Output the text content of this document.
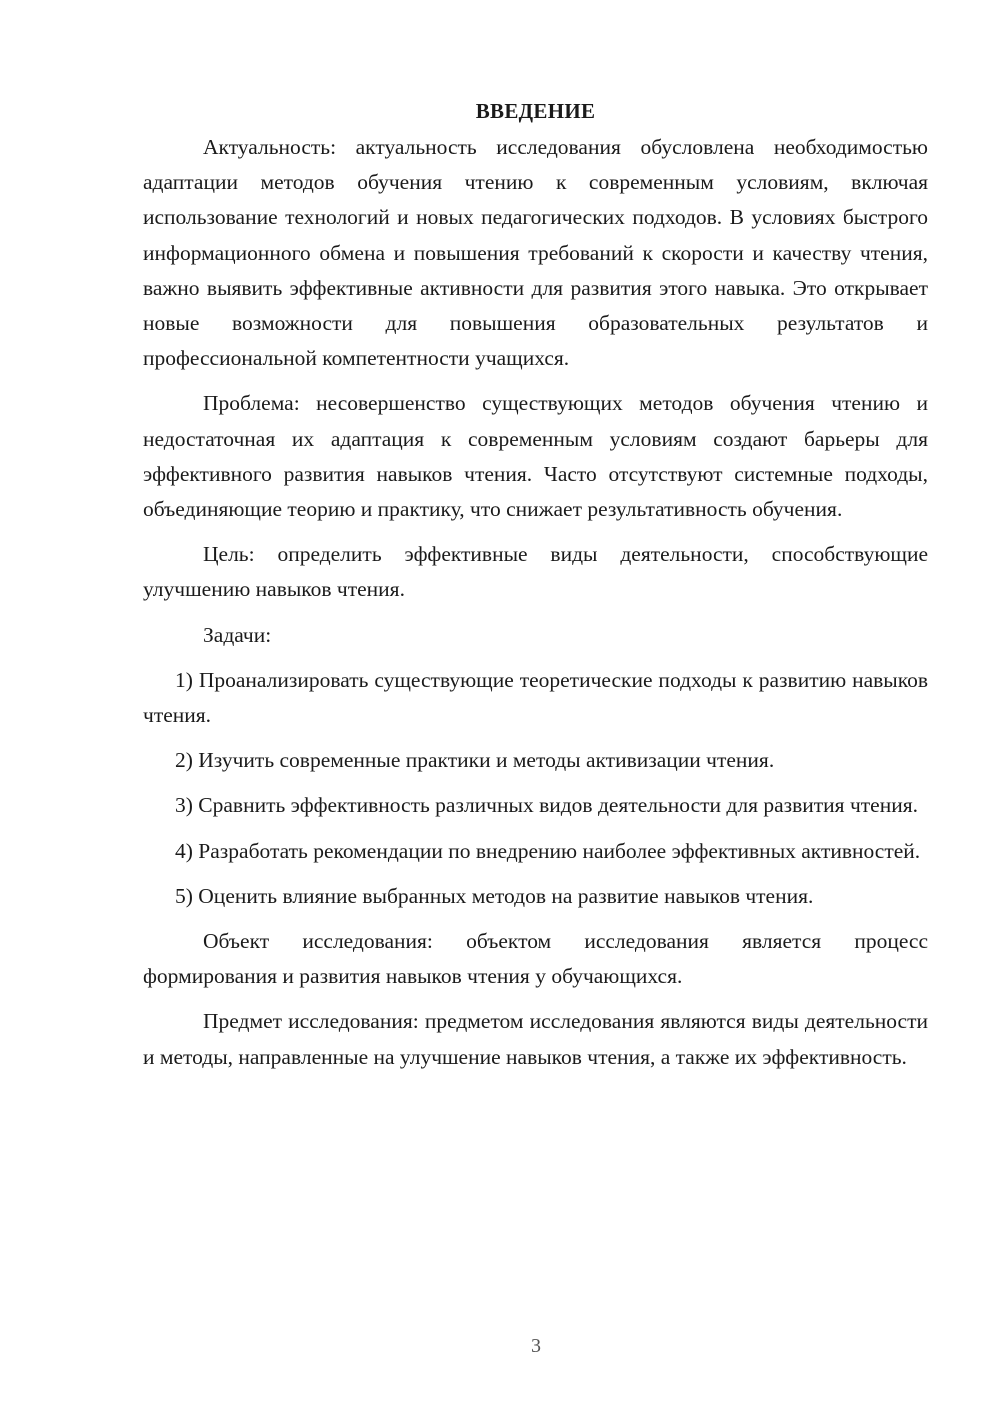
ВВЕДЕНИЕ

Актуальность: актуальность исследования обусловлена необходимостью адаптации методов обучения чтению к современным условиям, включая использование технологий и новых педагогических подходов. В условиях быстрого информационного обмена и повышения требований к скорости и качеству чтения, важно выявить эффективные активности для развития этого навыка. Это открывает новые возможности для повышения образовательных результатов и профессиональной компетентности учащихся.

Проблема: несовершенство существующих методов обучения чтению и недостаточная их адаптация к современным условиям создают барьеры для эффективного развития навыков чтения. Часто отсутствуют системные подходы, объединяющие теорию и практику, что снижает результативность обучения.

Цель: определить эффективные виды деятельности, способствующие улучшению навыков чтения.

Задачи:

1) Проанализировать существующие теоретические подходы к развитию навыков чтения.

2) Изучить современные практики и методы активизации чтения.

3) Сравнить эффективность различных видов деятельности для развития чтения.

4) Разработать рекомендации по внедрению наиболее эффективных активностей.

5) Оценить влияние выбранных методов на развитие навыков чтения.

Объект исследования: объектом исследования является процесс формирования и развития навыков чтения у обучающихся.

Предмет исследования: предметом исследования являются виды деятельности и методы, направленные на улучшение навыков чтения, а также их эффективность.

3
